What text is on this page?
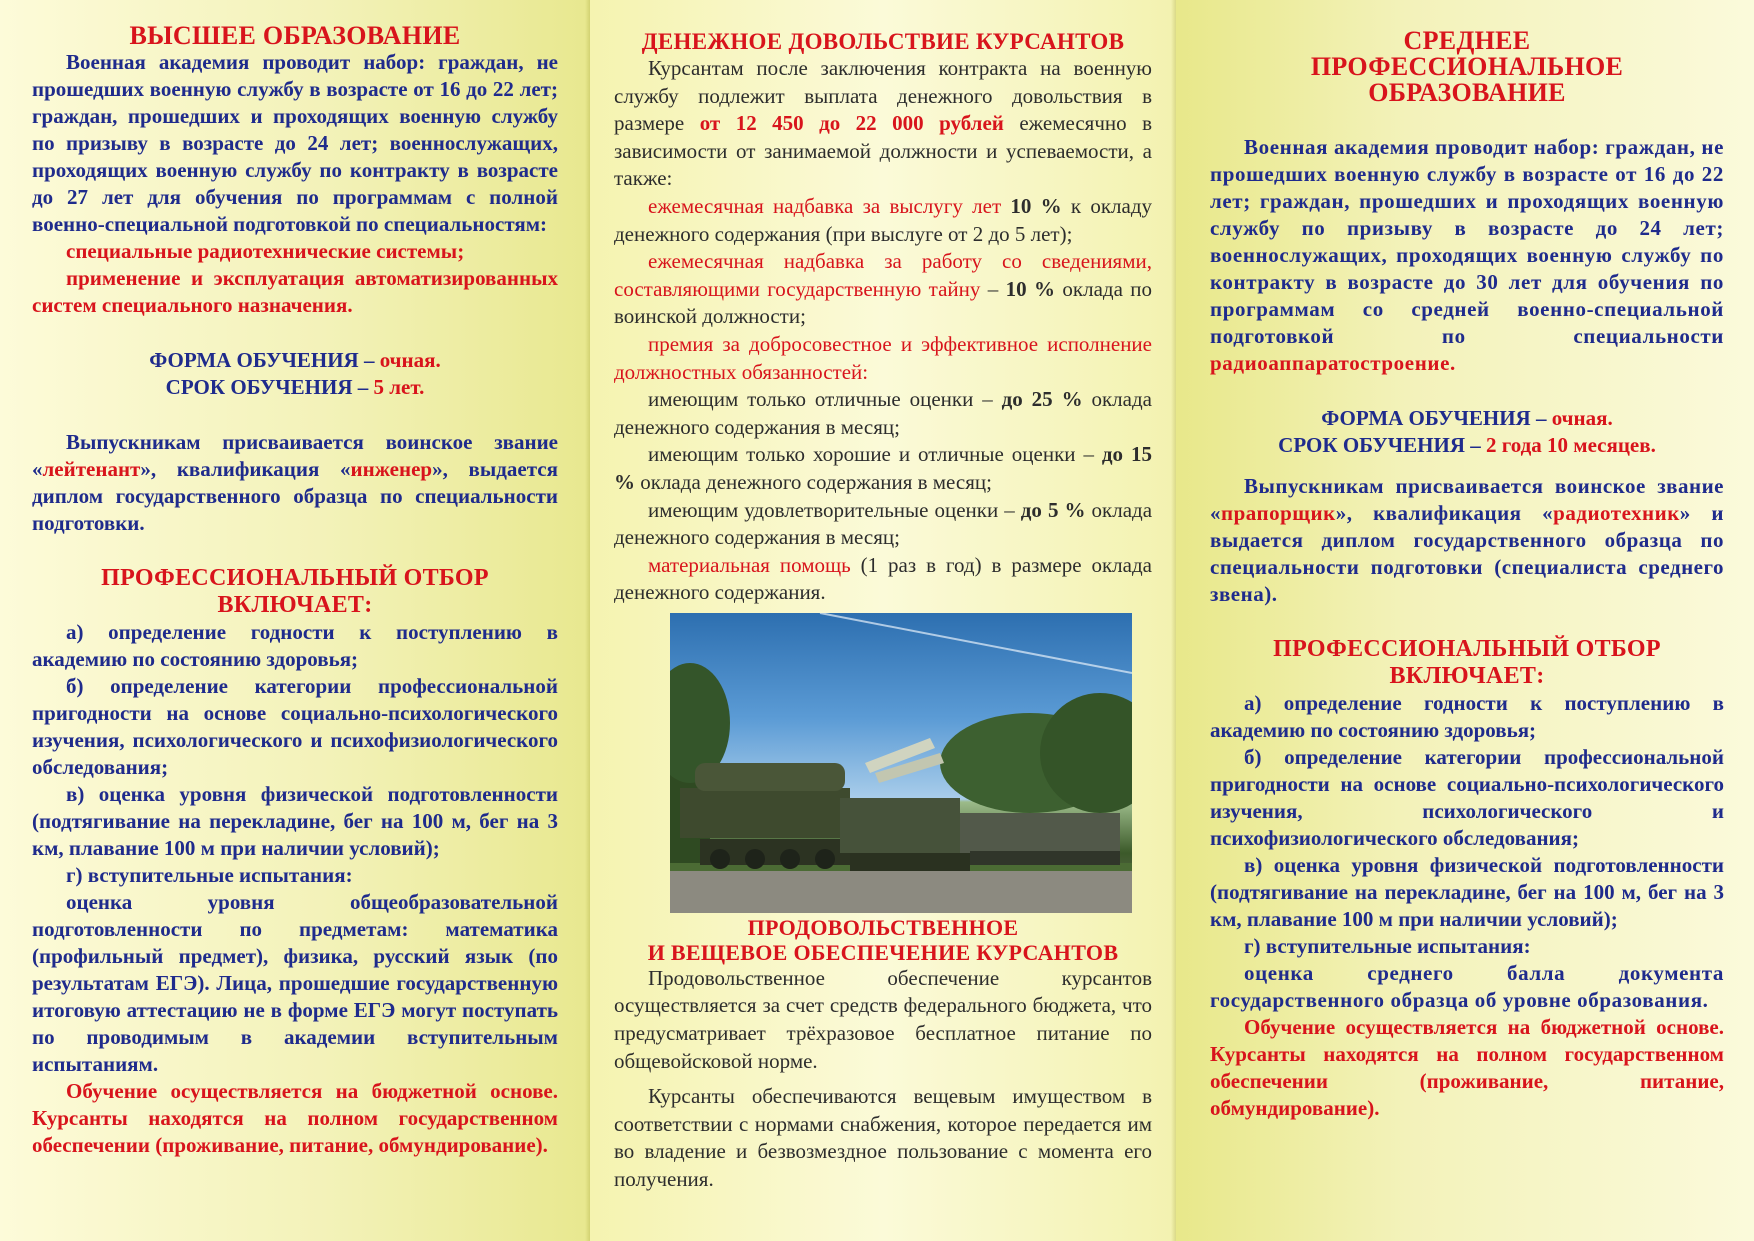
ВЫСШЕЕ ОБРАЗОВАНИЕ

Военная академия проводит набор: граждан, не прошедших военную службу в возрасте от 16 до 22 лет; граждан, прошедших и проходящих военную службу по призыву в возрасте до 24 лет; военнослужащих, проходящих военную службу по контракту в возрасте до 27 лет для обучения по программам с полной военно-специальной подготовкой по специальностям:

специальные радиотехнические системы;

применение и эксплуатация автоматизированных систем специального назначения.

ФОРМА ОБУЧЕНИЯ – очная.

СРОК ОБУЧЕНИЯ – 5 лет.

Выпускникам присваивается воинское звание «лейтенант», квалификация «инженер», выдается диплом государственного образца по специальности подготовки.

ПРОФЕССИОНАЛЬНЫЙ ОТБОР ВКЛЮЧАЕТ:

а) определение годности к поступлению в академию по состоянию здоровья;

б) определение категории профессиональной пригодности на основе социально-психологического изучения, психологического и психофизиологического обследования;

в) оценка уровня физической подготовленности (подтягивание на перекладине, бег на 100 м, бег на 3 км, плавание 100 м при наличии условий);

г) вступительные испытания:

оценка уровня общеобразовательной подготовленности по предметам: математика (профильный предмет), физика, русский язык (по результатам ЕГЭ). Лица, прошедшие государственную итоговую аттестацию не в форме ЕГЭ могут поступать по проводимым в академии вступительным испытаниям.

Обучение осуществляется на бюджетной основе. Курсанты находятся на полном государственном обеспечении (проживание, питание, обмундирование).

ДЕНЕЖНОЕ ДОВОЛЬСТВИЕ КУРСАНТОВ

Курсантам после заключения контракта на военную службу подлежит выплата денежного довольствия в размере от 12 450 до 22 000 рублей ежемесячно в зависимости от занимаемой должности и успеваемости, а также:

ежемесячная надбавка за выслугу лет 10 % к окладу денежного содержания (при выслуге от 2 до 5 лет);

ежемесячная надбавка за работу со сведениями, составляющими государственную тайну – 10 % оклада по воинской должности;

премия за добросовестное и эффективное исполнение должностных обязанностей:

имеющим только отличные оценки – до 25 % оклада денежного содержания в месяц;

имеющим только хорошие и отличные оценки – до 15 % оклада денежного содержания в месяц;

имеющим удовлетворительные оценки – до 5 % оклада денежного содержания в месяц;

материальная помощь (1 раз в год) в размере оклада денежного содержания.

ПРОДОВОЛЬСТВЕННОЕ
И ВЕЩЕВОЕ ОБЕСПЕЧЕНИЕ КУРСАНТОВ

Продовольственное обеспечение курсантов осуществляется за счет средств федерального бюджета, что предусматривает трёхразовое бесплатное питание по общевойсковой норме.

Курсанты обеспечиваются вещевым имуществом в соответствии с нормами снабжения, которое передается им во владение и безвозмездное пользование с момента его получения.

СРЕДНЕЕ
ПРОФЕССИОНАЛЬНОЕ
ОБРАЗОВАНИЕ

Военная академия проводит набор: граждан, не прошедших военную службу в возрасте от 16 до 22 лет; граждан, прошедших и проходящих военную службу по призыву в возрасте до 24 лет; военнослужащих, проходящих военную службу по контракту в возрасте до 30 лет для обучения по программам со средней военно-специальной подготовкой по специальности радиоаппаратостроение.

ФОРМА ОБУЧЕНИЯ – очная.

СРОК ОБУЧЕНИЯ – 2 года 10 месяцев.

Выпускникам присваивается воинское звание «прапорщик», квалификация «радиотехник» и выдается диплом государственного образца по специальности подготовки (специалиста среднего звена).

ПРОФЕССИОНАЛЬНЫЙ ОТБОР ВКЛЮЧАЕТ:

а) определение годности к поступлению в академию по состоянию здоровья;

б) определение категории профессиональной пригодности на основе социально-психологического изучения, психологического и психофизиологического обследования;

в) оценка уровня физической подготовленности (подтягивание на перекладине, бег на 100 м, бег на 3 км, плавание 100 м при наличии условий);

г) вступительные испытания:

оценка среднего балла документа государственного образца об уровне образования.

Обучение осуществляется на бюджетной основе. Курсанты находятся на полном государственном обеспечении (проживание, питание, обмундирование).
